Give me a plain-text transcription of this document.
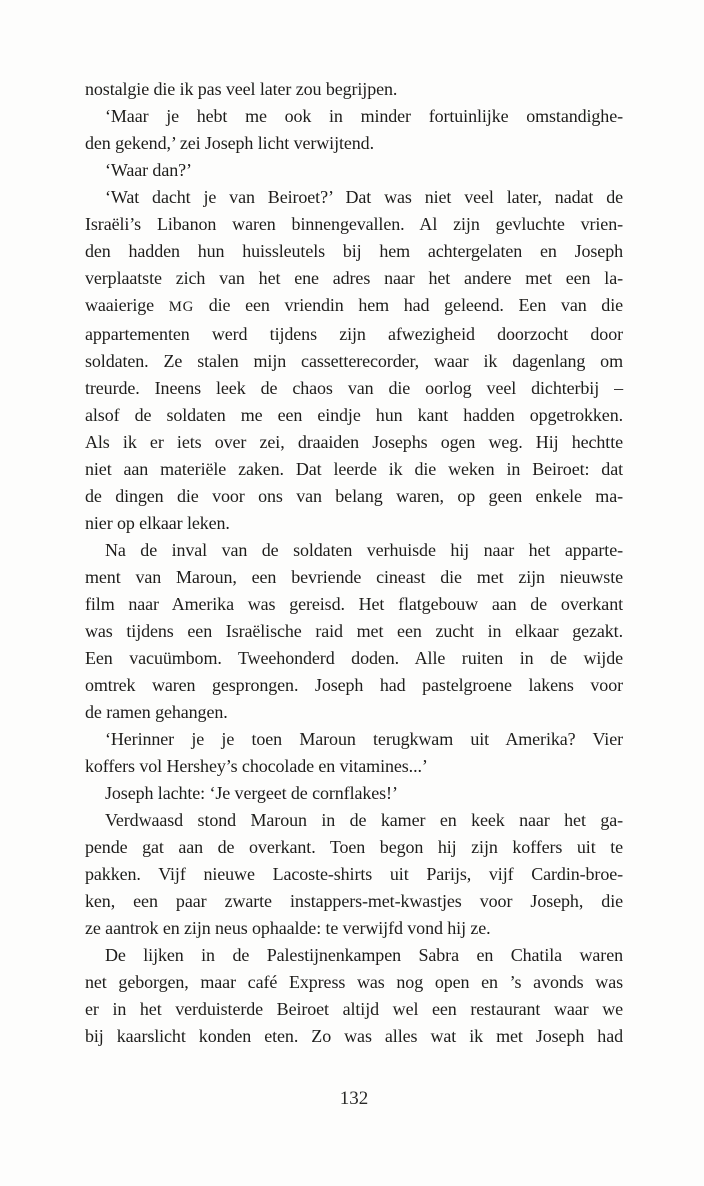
nostalgie die ik pas veel later zou begrijpen.
‘Maar je hebt me ook in minder fortuinlijke omstandighe-
den gekend,’ zei Joseph licht verwijtend.
‘Waar dan?’
‘Wat dacht je van Beiroet?’ Dat was niet veel later, nadat de
Israëli’s Libanon waren binnengevallen. Al zijn gevluchte vrien-
den hadden hun huissleutels bij hem achtergelaten en Joseph
verplaatste zich van het ene adres naar het andere met een la-
waaierige MG die een vriendin hem had geleend. Een van die
appartementen werd tijdens zijn afwezigheid doorzocht door
soldaten. Ze stalen mijn cassetterecorder, waar ik dagenlang om
treurde. Ineens leek de chaos van die oorlog veel dichterbij –
alsof de soldaten me een eindje hun kant hadden opgetrokken.
Als ik er iets over zei, draaiden Josephs ogen weg. Hij hechtte
niet aan materiële zaken. Dat leerde ik die weken in Beiroet: dat
de dingen die voor ons van belang waren, op geen enkele ma-
nier op elkaar leken.
Na de inval van de soldaten verhuisde hij naar het apparte-
ment van Maroun, een bevriende cineast die met zijn nieuwste
film naar Amerika was gereisd. Het flatgebouw aan de overkant
was tijdens een Israëlische raid met een zucht in elkaar gezakt.
Een vacuümbom. Tweehonderd doden. Alle ruiten in de wijde
omtrek waren gesprongen. Joseph had pastelgroene lakens voor
de ramen gehangen.
‘Herinner je je toen Maroun terugkwam uit Amerika? Vier
koffers vol Hershey’s chocolade en vitamines...’
Joseph lachte: ‘Je vergeet de cornflakes!’
Verdwaasd stond Maroun in de kamer en keek naar het ga-
pende gat aan de overkant. Toen begon hij zijn koffers uit te
pakken. Vijf nieuwe Lacoste-shirts uit Parijs, vijf Cardin-broe-
ken, een paar zwarte instappers-met-kwastjes voor Joseph, die
ze aantrok en zijn neus ophaalde: te verwijfd vond hij ze.
De lijken in de Palestijnenkampen Sabra en Chatila waren
net geborgen, maar café Express was nog open en ’s avonds was
er in het verduisterde Beiroet altijd wel een restaurant waar we
bij kaarslicht konden eten. Zo was alles wat ik met Joseph had
132
